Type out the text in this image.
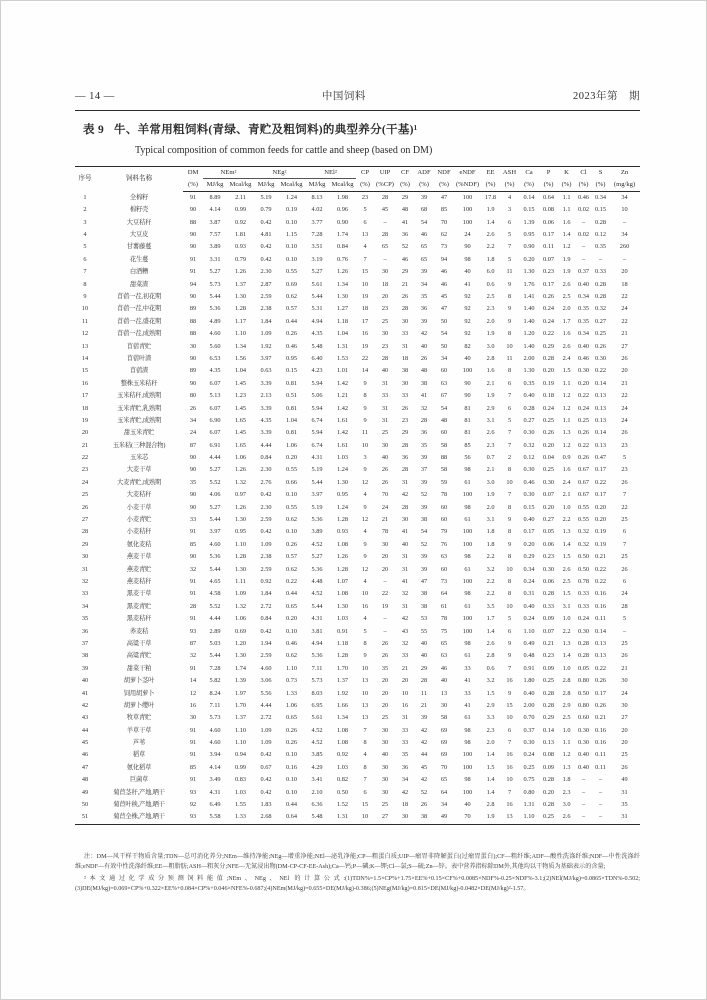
— 14 —	中国饲料	2023年第　期
表 9 牛、羊常用粗饲料(青绿、青贮及粗饲料)的典型养分(干基)¹
Typical composition of common feeds for cattle and sheep (based on DM)
序号	饲料名称	DM	NEm²		NEg²		NEl²		CP	UIP	CF	ADF	NDF	eNDF	EE	ASH	Ca	P	K	Cl	S	Zn
		(%)	MJ/kg	Mcal/kg	MJ/kg	Mcal/kg	MJ/kg	Mcal/kg	(%)	(%CP)	(%)	(%)	(%)	(%NDF)	(%)	(%)	(%)	(%)	(%)	(%)	(%)	(mg/kg)
1	全棉籽	91	8.89	2.11	5.19	1.24	8.13	1.98	23	28	29	39	47	100	17.8	4	0.14	0.64	1.1	0.46	0.34	34
2	棉籽壳	90	4.14	0.99	0.79	0.19	4.02	0.96	5	45	48	68	85	100	1.9	3	0.15	0.08	1.1	0.02	0.15	10
3	大豆秸秆	88	3.87	0.92	0.42	0.10	3.77	0.90	6	–	41	54	70	100	1.4	6	1.39	0.06	1.6	–	0.28	–
4	大豆皮	90	7.57	1.81	4.81	1.15	7.28	1.74	13	28	36	46	62	24	2.6	5	0.95	0.17	1.4	0.02	0.12	34
5	甘薯藤蔓	90	3.89	0.93	0.42	0.10	3.51	0.84	4	65	52	65	73	90	2.2	7	0.90	0.11	1.2	–	0.35	260
6	花生蔓	91	3.31	0.79	0.42	0.10	3.19	0.76	7	–	46	65	94	98	1.8	5	0.20	0.07	1.9	–	–	–
7	白酒糟	91	5.27	1.26	2.30	0.55	5.27	1.26	15	30	29	39	46	40	6.0	11	1.30	0.23	1.9	0.37	0.33	20
8	甜菜渣	94	5.73	1.37	2.87	0.69	5.61	1.34	10	18	21	34	46	41	0.6	9	1.76	0.17	2.6	0.40	0.28	18
9	苜蓿一茬,初花期	90	5.44	1.30	2.59	0.62	5.44	1.30	19	20	26	35	45	92	2.5	8	1.41	0.26	2.5	0.34	0.28	22
10	苜蓿一茬,中花期	89	5.36	1.28	2.38	0.57	5.31	1.27	18	23	28	36	47	92	2.3	9	1.40	0.24	2.0	0.35	0.32	24
11	苜蓿一茬,盛花期	88	4.89	1.17	1.84	0.44	4.94	1.18	17	25	30	39	50	92	2.0	9	1.40	0.24	1.7	0.35	0.27	22
12	苜蓿一茬,成熟期	88	4.60	1.10	1.09	0.26	4.35	1.04	16	30	33	42	54	92	1.9	8	1.20	0.22	1.6	0.34	0.25	21
13	苜蓿青贮	30	5.60	1.34	1.92	0.46	5.48	1.31	19	23	31	40	50	82	3.0	10	1.40	0.29	2.6	0.40	0.26	27
14	苜蓿叶渣	90	6.53	1.56	3.97	0.95	6.40	1.53	22	28	18	26	34	40	2.8	11	2.00	0.28	2.4	0.46	0.30	26
15	苜蓿渣	89	4.35	1.04	0.63	0.15	4.23	1.01	14	40	38	48	60	100	1.6	8	1.30	0.20	1.5	0.30	0.22	20
16	整株玉米秸秆	90	6.07	1.45	3.39	0.81	5.94	1.42	9	31	30	38	63	90	2.1	6	0.35	0.19	1.1	0.20	0.14	21
17	玉米秸秆,成熟期	80	5.13	1.23	2.13	0.51	5.06	1.21	8	33	33	41	67	90	1.9	7	0.40	0.18	1.2	0.22	0.13	22
18	玉米青贮,乳熟期	26	6.07	1.45	3.39	0.81	5.94	1.42	9	31	26	32	54	81	2.9	6	0.28	0.24	1.2	0.24	0.13	24
19	玉米青贮,成熟期	34	6.90	1.65	4.35	1.04	6.74	1.61	9	31	23	28	48	81	3.1	5	0.27	0.25	1.1	0.25	0.13	24
20	甜玉米青贮	24	6.07	1.45	3.39	0.81	5.94	1.42	11	25	29	36	60	81	2.6	7	0.30	0.26	1.3	0.26	0.14	26
21	玉米秸(三种混合物)	87	6.91	1.65	4.44	1.06	6.74	1.61	10	30	28	35	58	85	2.3	7	0.32	0.20	1.2	0.22	0.13	23
22	玉米芯	90	4.44	1.06	0.84	0.20	4.31	1.03	3	40	36	39	88	56	0.7	2	0.12	0.04	0.9	0.26	0.47	5
23	大麦干草	90	5.27	1.26	2.30	0.55	5.19	1.24	9	26	28	37	58	98	2.1	8	0.30	0.25	1.6	0.67	0.17	23
24	大麦青贮,成熟期	35	5.52	1.32	2.76	0.66	5.44	1.30	12	26	31	39	59	61	3.0	10	0.46	0.30	2.4	0.67	0.22	26
25	大麦秸秆	90	4.06	0.97	0.42	0.10	3.97	0.95	4	70	42	52	78	100	1.9	7	0.30	0.07	2.1	0.67	0.17	7
26	小麦干草	90	5.27	1.26	2.30	0.55	5.19	1.24	9	24	28	39	60	98	2.0	8	0.15	0.20	1.0	0.55	0.20	22
27	小麦青贮	33	5.44	1.30	2.59	0.62	5.36	1.28	12	21	30	38	60	61	3.1	9	0.40	0.27	2.2	0.55	0.20	25
28	小麦秸秆	91	3.97	0.95	0.42	0.10	3.89	0.93	4	78	41	54	79	100	1.8	8	0.17	0.05	1.3	0.32	0.19	6
29	氨化麦秸	85	4.60	1.10	1.09	0.26	4.52	1.08	9	30	40	52	76	100	1.8	9	0.20	0.06	1.4	0.32	0.19	7
30	燕麦干草	90	5.36	1.28	2.38	0.57	5.27	1.26	9	20	31	39	63	98	2.2	8	0.29	0.23	1.5	0.50	0.21	25
31	燕麦青贮	32	5.44	1.30	2.59	0.62	5.36	1.28	12	20	31	39	60	61	3.2	10	0.34	0.30	2.6	0.50	0.22	26
32	燕麦秸秆	91	4.65	1.11	0.92	0.22	4.48	1.07	4	–	41	47	73	100	2.2	8	0.24	0.06	2.5	0.78	0.22	6
33	黑麦干草	91	4.58	1.09	1.84	0.44	4.52	1.08	10	22	32	38	64	98	2.2	8	0.31	0.28	1.5	0.33	0.16	24
34	黑麦青贮	28	5.52	1.32	2.72	0.65	5.44	1.30	16	19	31	38	61	61	3.5	10	0.40	0.33	3.1	0.33	0.16	28
35	黑麦秸秆	91	4.44	1.06	0.84	0.20	4.31	1.03	4	–	42	53	78	100	1.7	5	0.24	0.09	1.0	0.24	0.11	5
36	荞麦秸	93	2.89	0.69	0.42	0.10	3.81	0.91	5	–	43	55	75	100	1.4	6	1.10	0.07	2.2	0.30	0.14	–
37	高粱干草	87	5.03	1.20	1.94	0.46	4.94	1.18	8	26	32	40	65	98	2.6	9	0.49	0.21	1.3	0.28	0.13	25
38	高粱青贮	32	5.44	1.30	2.59	0.62	5.36	1.28	9	26	33	40	63	61	2.8	9	0.48	0.23	1.4	0.28	0.13	26
39	甜菜干粕	91	7.28	1.74	4.60	1.10	7.11	1.70	10	35	21	29	46	33	0.6	7	0.91	0.09	1.0	0.05	0.22	21
40	胡萝卜茎叶	14	5.82	1.39	3.06	0.73	5.73	1.37	13	20	20	28	40	41	3.2	16	1.80	0.25	2.8	0.80	0.26	30
41	饲用胡萝卜	12	8.24	1.97	5.56	1.33	8.03	1.92	10	20	10	11	13	33	1.5	9	0.40	0.28	2.8	0.50	0.17	24
42	胡萝卜缨叶	16	7.11	1.70	4.44	1.06	6.95	1.66	13	20	16	21	30	41	2.9	15	2.00	0.28	2.9	0.80	0.26	30
43	牧草青贮	30	5.73	1.37	2.72	0.65	5.61	1.34	13	25	31	39	58	61	3.3	10	0.70	0.29	2.5	0.60	0.21	27
44	羊草干草	91	4.60	1.10	1.09	0.26	4.52	1.08	7	30	33	42	69	98	2.3	6	0.37	0.14	1.0	0.30	0.16	20
45	芦苇	91	4.60	1.10	1.09	0.26	4.52	1.08	8	30	33	42	69	98	2.0	7	0.30	0.13	1.1	0.30	0.16	20
46	稻草	91	3.94	0.94	0.42	0.10	3.85	0.92	4	40	35	44	69	100	1.4	16	0.24	0.08	1.2	0.40	0.11	25
47	氨化稻草	85	4.14	0.99	0.67	0.16	4.29	1.03	8	30	36	45	70	100	1.5	16	0.25	0.09	1.3	0.40	0.11	26
48	巨菌草	91	3.49	0.83	0.42	0.10	3.41	0.82	7	30	34	42	65	98	1.4	10	0.75	0.28	1.8	–	–	49
49	菊苣茎秆,产地,晒干	93	4.31	1.03	0.42	0.10	2.10	0.50	6	30	42	52	64	100	1.4	7	0.80	0.20	2.3	–	–	31
50	菊苣叶秧,产地,晒干	92	6.49	1.55	1.83	0.44	6.36	1.52	15	25	18	26	34	40	2.8	16	1.31	0.28	3.0	–	–	35
51	菊苣全株,产地,晒干	93	5.58	1.33	2.68	0.64	5.48	1.31	10	27	30	38	49	70	1.9	13	1.10	0.25	2.6	–	–	31

注：DM—风干样干物质含量;TDN—总可消化养分;NEm—维持净能;NEg—增重净能;NEl—泌乳净能;CP—粗蛋白质;UIP—瘤胃非降解蛋白(过瘤胃蛋白);CF—粗纤维;ADF—酸性洗涤纤维;NDF—中性洗涤纤维;eNDF—有效中性洗涤纤维;EE—粗脂肪;ASH—粗灰分;NFE—无氮浸出物(DM-CP-CF-EE-Ash);Ca—钙;P—磷;K—钾;Cl—氯;S—硫;Zn—锌。表中营养指标除DM外,其他均以干物质为基础表示的含量;

²本文通过化学成分预测饲料能值;NEm、NEg、NEl 的计算公式:(1)TDN%=1.5×CP%+1.75×EE%+0.15×CF%+0.0085×NDF%-0.25×NDF%-3.1;(2)NEl(MJ/kg)=0.0865×TDN%-0.502;(3)DE(MJ/kg)=0.069×CP%+0.322×EE%+0.084×CP%+0.046×NFE%-0.687;(4)NEm(MJ/kg)=0.655×DE(MJ/kg)-0.386;(5)NEg(MJ/kg)=0.815×DE(MJ/kg)-0.0482×DE(MJ/kg)²-1.57。
